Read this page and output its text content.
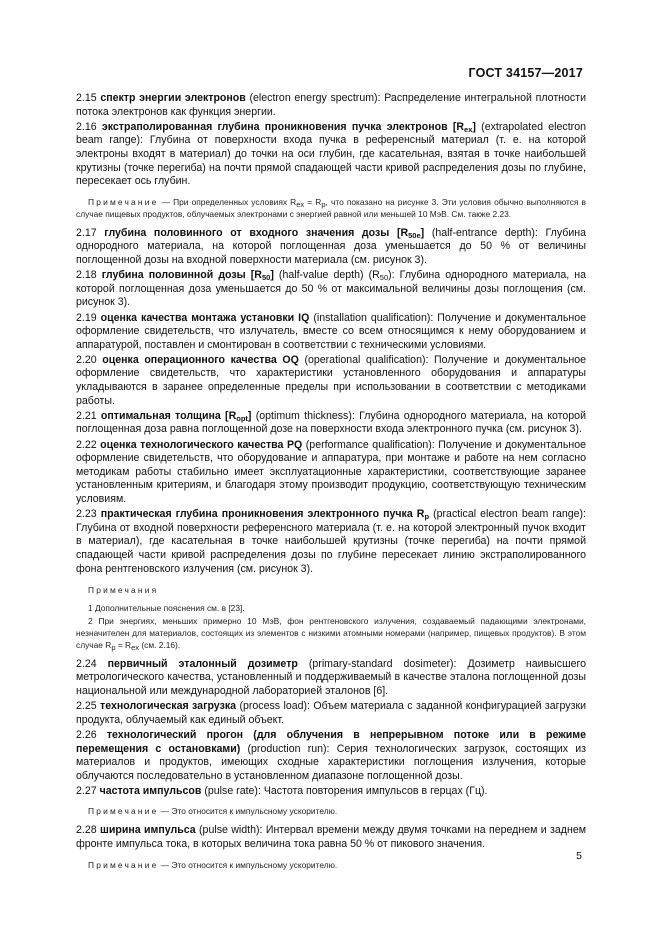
ГОСТ 34157—2017

2.15 спектр энергии электронов (electron energy spectrum): Распределение интегральной плотности потока электронов как функция энергии.

2.16 экстраполированная глубина проникновения пучка электронов $[R_{ex}]$ (extrapolated electron beam range): Глубина от поверхности входа пучка в референсный материал (т. е. на которой электроны входят в материал) до точки на оси глубин, где касательная, взятая в точке наибольшей крутизны (точке перегиба) на почти прямой спадающей части кривой распределения дозы по глубине, пересекает ось глубин.

Примечание — При определенных условиях $R_{ex} = R_p$, что показано на рисунке 3. Эти условия обычно выполняются в случае пищевых продуктов, облучаемых электронами с энергией равной или меньшей 10 МэВ. См. также 2.23.

2.17 глубина половинного от входного значения дозы $[R_{50e}]$ (half-entrance depth): Глубина однородного материала, на которой поглощенная доза уменьшается до 50 % от величины поглощенной дозы на входной поверхности материала (см. рисунок 3).

2.18 глубина половинной дозы $[R_{50}]$ (half-value depth) $(R_{50})$: Глубина однородного материала, на которой поглощенная доза уменьшается до 50 % от максимальной величины дозы поглощения (см. рисунок 3).

2.19 оценка качества монтажа установки IQ (installation qualification): Получение и документальное оформление свидетельств, что излучатель, вместе со всем относящимся к нему оборудованием и аппаратурой, поставлен и смонтирован в соответствии с техническими условиями.

2.20 оценка операционного качества OQ (operational qualification): Получение и документальное оформление свидетельств, что характеристики установленного оборудования и аппаратуры укладываются в заранее определенные пределы при использовании в соответствии с методиками работы.

2.21 оптимальная толщина $[R_{opt}]$ (optimum thickness): Глубина однородного материала, на которой поглощенная доза равна поглощенной дозе на поверхности входа электронного пучка (см. рисунок 3).

2.22 оценка технологического качества PQ (performance qualification): Получение и документальное оформление свидетельств, что оборудование и аппаратура, при монтаже и работе на нем согласно методикам работы стабильно имеет эксплуатационные характеристики, соответствующие заранее установленным критериям, и благодаря этому производит продукцию, соответствующую техническим условиям.

2.23 практическая глубина проникновения электронного пучка $R_p$ (practical electron beam range): Глубина от входной поверхности референсного материала (т. е. на которой электронный пучок входит в материал), где касательная в точке наибольшей крутизны (точке перегиба) на почти прямой спадающей части кривой распределения дозы по глубине пересекает линию экстраполированного фона рентгеновского излучения (см. рисунок 3).

Примечания

1 Дополнительные пояснения см. в [23].

2 При энергиях, меньших примерно 10 МэВ, фон рентгеновского излучения, создаваемый падающими электронами, незначителен для материалов, состоящих из элементов с низкими атомными номерами (например, пищевых продуктов). В этом случае $R_p = R_{ex}$ (см. 2.16).

2.24 первичный эталонный дозиметр (primary-standard dosimeter): Дозиметр наивысшего метрологического качества, установленный и поддерживаемый в качестве эталона поглощенной дозы национальной или международной лабораторией эталонов [6].

2.25 технологическая загрузка (process load): Объем материала с заданной конфигурацией загрузки продукта, облучаемый как единый объект.

2.26 технологический прогон (для облучения в непрерывном потоке или в режиме перемещения с остановками) (production run): Серия технологических загрузок, состоящих из материалов и продуктов, имеющих сходные характеристики поглощения излучения, которые облучаются последовательно в установленном диапазоне поглощенной дозы.

2.27 частота импульсов (pulse rate): Частота повторения импульсов в герцах (Гц).

Примечание — Это относится к импульсному ускорителю.

2.28 ширина импульса (pulse width): Интервал времени между двумя точками на переднем и заднем фронте импульса тока, в которых величина тока равна 50 % от пикового значения.

Примечание — Это относится к импульсному ускорителю.

5
